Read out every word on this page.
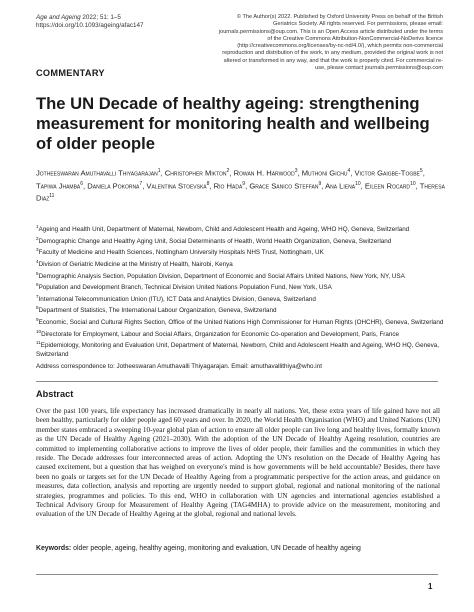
Age and Ageing 2022; 51: 1–5
https://doi.org/10.1093/ageing/afac147
© The Author(s) 2022. Published by Oxford University Press on behalf of the British Geriatrics Society. All rights reserved. For permissions, please email: journals.permissions@oup.com. This is an Open Access article distributed under the terms of the Creative Commons Attribution-NonCommercial-NoDerivs licence (http://creativecommons.org/licenses/by-nc-nd/4.0/), which permits non-commercial reproduction and distribution of the work, in any medium, provided the original work is not altered or transformed in any way, and that the work is properly cited. For commercial re-use, please contact journals.permissions@oup.com
COMMENTARY
The UN Decade of healthy ageing: strengthening measurement for monitoring health and wellbeing of older people

Jotheeswaran Amuthavalli Thiyagarajan$^1$, Christopher Mikton$^2$, Rowan H. Harwood$^3$, Muthoni Gichu$^4$, Victor Gaigbe-Togbe$^5$, Tapiwa Jhamba$^6$, Daniela Pokorna$^7$, Valentina Stoevska$^8$, Rio Hada$^9$, Grace Sanico Steffan$^9$, Ana Liena$^{10}$, Eileen Rocard$^{10}$, Theresa Diaz$^{11}$

$^1$Ageing and Health Unit, Department of Maternal, Newborn, Child and Adolescent Health and Ageing, WHO HQ, Geneva, Switzerland
$^2$Demographic Change and Healthy Aging Unit, Social Determinants of Health, World Health Organization, Geneva, Switzerland
$^3$Faculty of Medicine and Health Sciences, Nottingham University Hospitals NHS Trust, Nottingham, UK
$^4$Division of Geriatric Medicine at the Ministry of Health, Nairobi, Kenya
$^5$Demographic Analysis Section, Population Division, Department of Economic and Social Affairs United Nations, New York, NY, USA
$^6$Population and Development Branch, Technical Division United Nations Population Fund, New York, USA
$^7$International Telecommunication Union (ITU), ICT Data and Analytics Division, Geneva, Switzerland
$^8$Department of Statistics, The International Labour Organization, Geneva, Switzerland
$^9$Economic, Social and Cultural Rights Section, Office of the United Nations High Commissioner for Human Rights (OHCHR), Geneva, Switzerland
$^{10}$Directorate for Employment, Labour and Social Affairs, Organization for Economic Co-operation and Development, Paris, France
$^{11}$Epidemiology, Monitoring and Evaluation Unit, Department of Maternal, Newborn, Child and Adolescent Health and Ageing, WHO HQ, Geneva, Switzerland
Address correspondence to: Jotheeswaran Amuthavalli Thiyagarajan. Email: amuthavallithiya@who.int
Abstract

Over the past 100 years, life expectancy has increased dramatically in nearly all nations. Yet, these extra years of life gained have not all been healthy, particularly for older people aged 60 years and over. In 2020, the World Health Organisation (WHO) and United Nations (UN) member states embraced a sweeping 10-year global plan of action to ensure all older people can live long and healthy lives, formally known as the UN Decade of Healthy Ageing (2021–2030). With the adoption of the UN Decade of Healthy Ageing resolution, countries are committed to implementing collaborative actions to improve the lives of older people, their families and the communities in which they reside. The Decade addresses four interconnected areas of action. Adopting the UN's resolution on the Decade of Healthy Ageing has caused excitement, but a question that has weighed on everyone's mind is how governments will be held accountable? Besides, there have been no goals or targets set for the UN Decade of Healthy Ageing from a programmatic perspective for the action areas, and guidance on measures, data collection, analysis and reporting are urgently needed to support global, regional and national monitoring of the national strategies, programmes and policies. To this end, WHO in collaboration with UN agencies and international agencies established a Technical Advisory Group for Measurement of Healthy Ageing (TAG4MHA) to provide advice on the measurement, monitoring and evaluation of the UN Decade of Healthy Ageing at the global, regional and national levels.

Keywords: older people, ageing, healthy ageing, monitoring and evaluation, UN Decade of healthy ageing
1
